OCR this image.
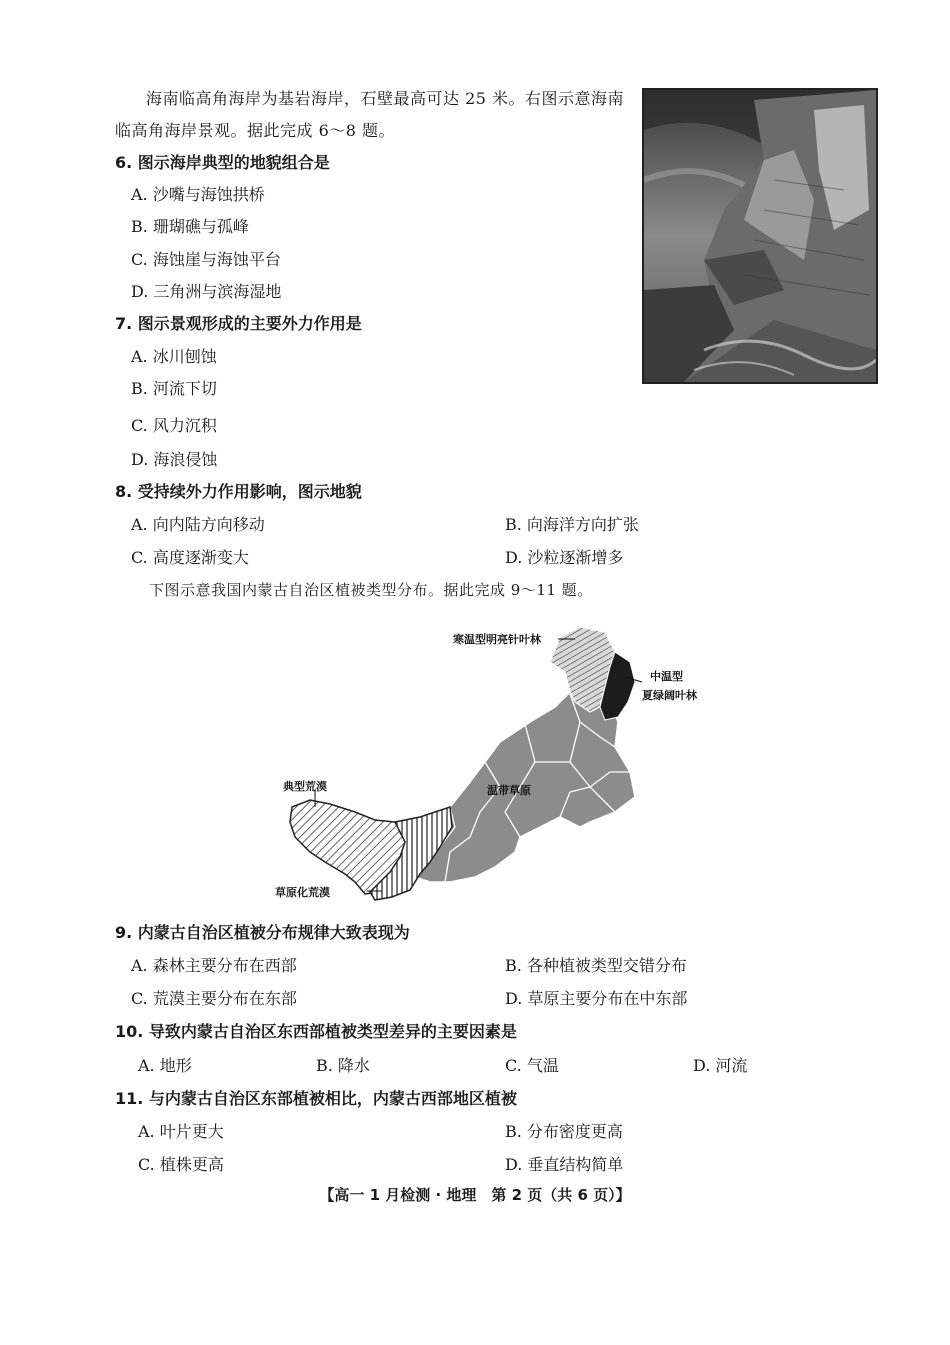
海南临高角海岸为基岩海岸，石壁最高可达 25 米。右图示意海南
临高角海岸景观。据此完成 6～8 题。
6. 图示海岸典型的地貌组合是
A. 沙嘴与海蚀拱桥
B. 珊瑚礁与孤峰
C. 海蚀崖与海蚀平台
D. 三角洲与滨海湿地
7. 图示景观形成的主要外力作用是
A. 冰川刨蚀
B. 河流下切
C. 风力沉积
D. 海浪侵蚀
8. 受持续外力作用影响，图示地貌
A. 向内陆方向移动	B. 向海洋方向扩张
C. 高度逐渐变大	D. 沙粒逐渐增多
下图示意我国内蒙古自治区植被类型分布。据此完成 9～11 题。
寒温型明亮针叶林
中温型
夏绿阔叶林
温带草原
典型荒漠
草原化荒漠
9. 内蒙古自治区植被分布规律大致表现为
A. 森林主要分布在西部	B. 各种植被类型交错分布
C. 荒漠主要分布在东部	D. 草原主要分布在中东部
10. 导致内蒙古自治区东西部植被类型差异的主要因素是
A. 地形	B. 降水	C. 气温	D. 河流
11. 与内蒙古自治区东部植被相比，内蒙古西部地区植被
A. 叶片更大	B. 分布密度更高
C. 植株更高	D. 垂直结构简单
【高一 1 月检测 · 地理　第 2 页（共 6 页）】
